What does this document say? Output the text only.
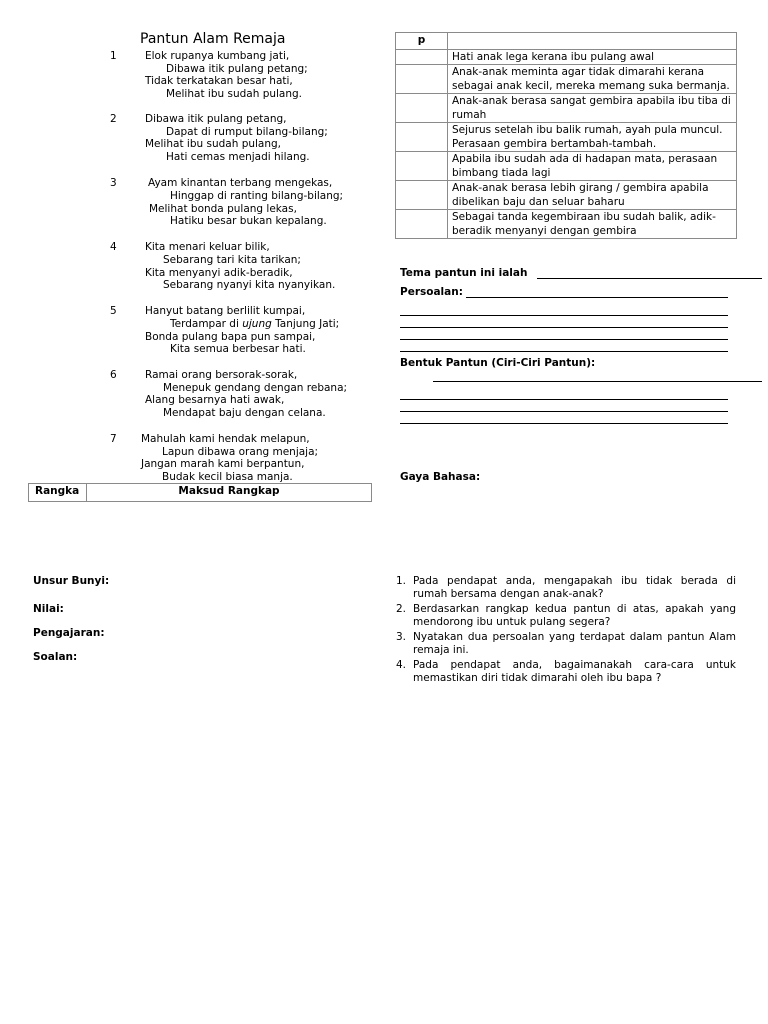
Pantun Alam Remaja
1	Elok rupanya kumbang jati,
Dibawa itik pulang petang;
Tidak terkatakan besar hati,
Melihat ibu sudah pulang.
2	Dibawa itik pulang petang,
Dapat di rumput bilang-bilang;
Melihat ibu sudah pulang,
Hati cemas menjadi hilang.
3	Ayam kinantan terbang mengekas,
Hinggap di ranting bilang-bilang;
Melihat bonda pulang lekas,
Hatiku besar bukan kepalang.
4	Kita menari keluar bilik,
Sebarang tari kita tarikan;
Kita menyanyi adik-beradik,
Sebarang nyanyi kita nyanyikan.
5	Hanyut batang berlilit kumpai,
Terdampar di ujung Tanjung Jati;
Bonda pulang bapa pun sampai,
Kita semua berbesar hati.
6	Ramai orang bersorak-sorak,
Menepuk gendang dengan rebana;
Alang besarnya hati awak,
Mendapat baju dengan celana.
7 Mahulah kami hendak melapun,
Lapun dibawa orang menjaja;
Jangan marah kami berpantun,
Budak kecil biasa manja.
Rangka	Maksud Rangkap
p	
	Hati anak lega kerana ibu pulang awal
	Anak-anak meminta agar tidak dimarahi kerana sebagai anak kecil, mereka memang suka bermanja.
	Anak-anak berasa sangat gembira apabila ibu tiba di rumah
	Sejurus setelah ibu balik rumah, ayah pula muncul. Perasaan gembira bertambah-tambah.
	Apabila ibu sudah ada di hadapan mata, perasaan bimbang tiada lagi
	Anak-anak berasa lebih girang / gembira apabila dibelikan baju dan seluar baharu
	Sebagai tanda kegembiraan ibu sudah balik, adik-beradik menyanyi dengan gembira
Tema pantun ini ialah
Persoalan:
Bentuk Pantun (Ciri-Ciri Pantun):
Gaya Bahasa:
Unsur Bunyi:
Nilai:
Pengajaran:
Soalan:
1. Pada pendapat anda, mengapakah ibu tidak berada di rumah bersama dengan anak-anak?
2. Berdasarkan rangkap kedua pantun di atas, apakah yang mendorong ibu untuk pulang segera?
3. Nyatakan dua persoalan yang terdapat dalam pantun Alam remaja ini.
4. Pada pendapat anda, bagaimanakah cara-cara untuk memastikan diri tidak dimarahi oleh ibu bapa ?
